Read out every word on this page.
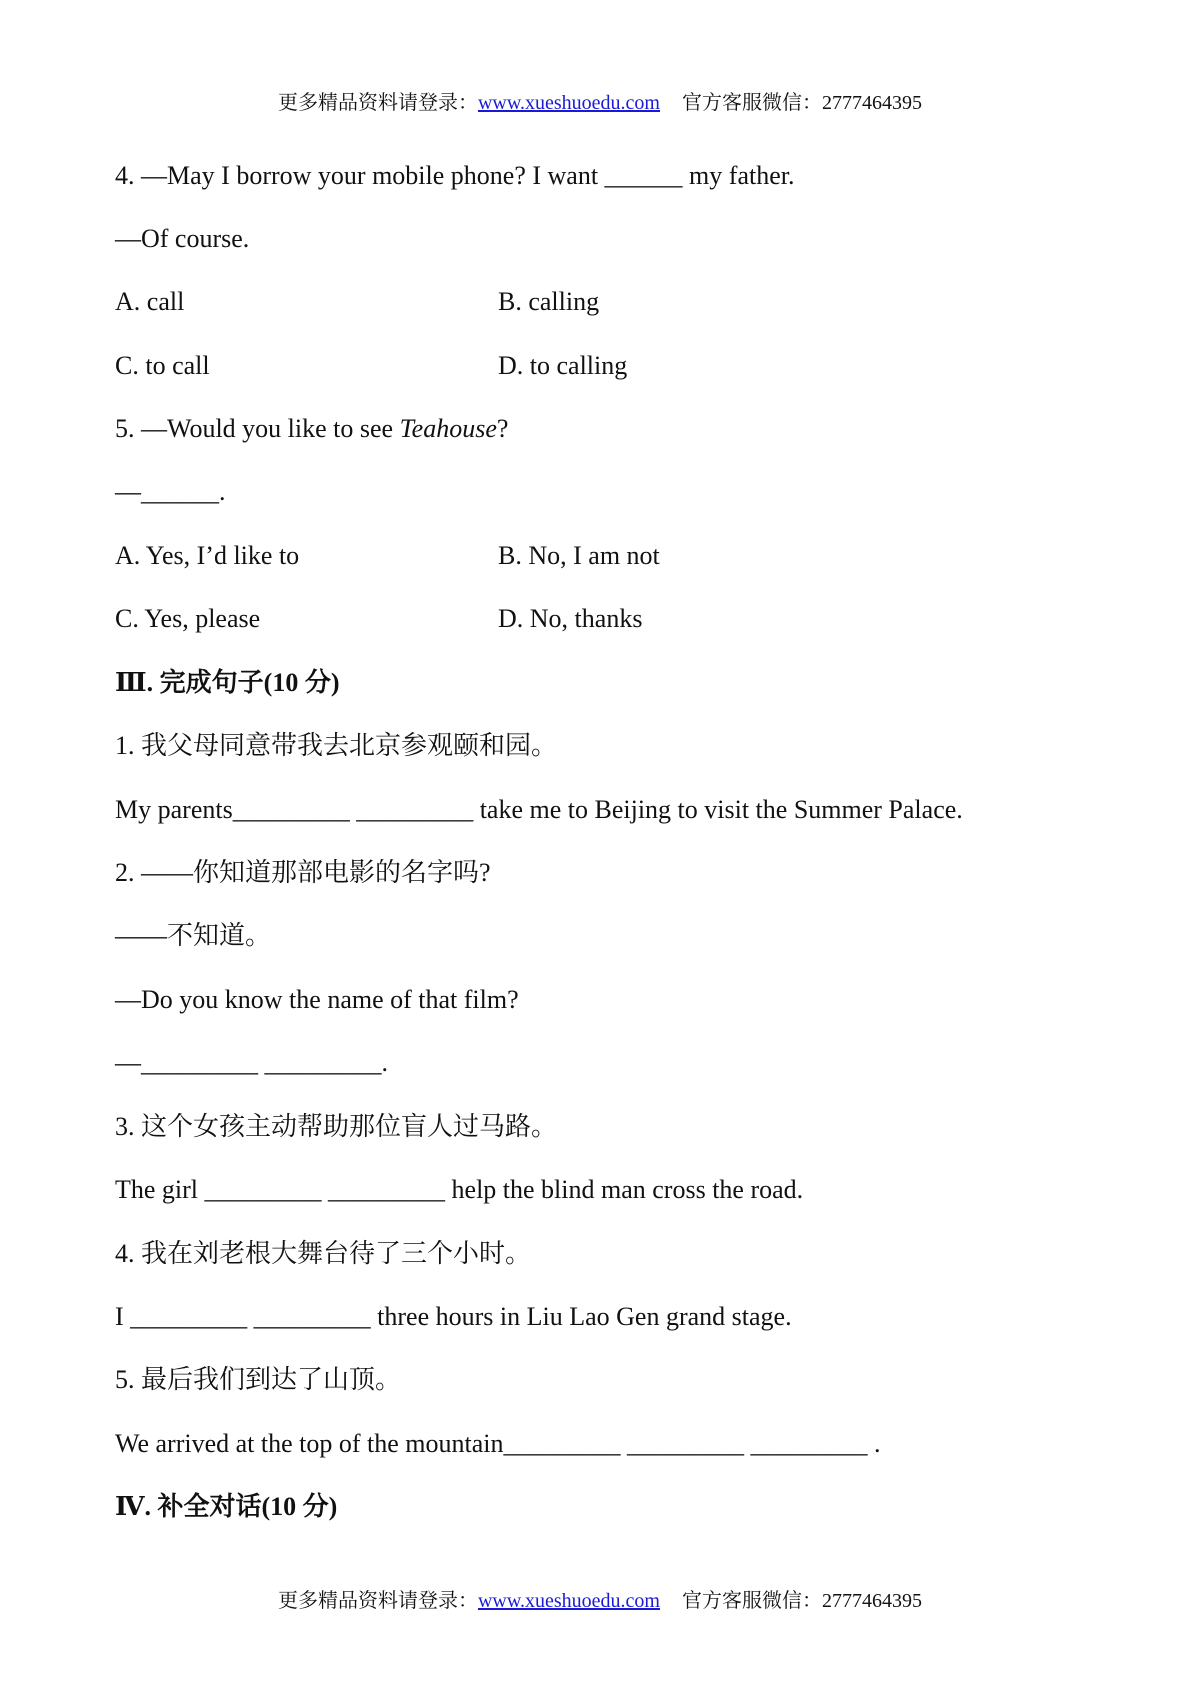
更多精品资料请登录：www.xueshuoedu.com 官方客服微信：2777464395
4. —May I borrow your mobile phone? I want ______ my father.
—Of course.
A. call	B. calling
C. to call	D. to calling
5. —Would you like to see Teahouse?
—______.
A. Yes, I’d like to	B. No, I am not
C. Yes, please	D. No, thanks
Ⅲ. 完成句子(10 分)
1. 我父母同意带我去北京参观颐和园。
My parents_________ _________ take me to Beijing to visit the Summer Palace.
2. ——你知道那部电影的名字吗?
——不知道。
—Do you know the name of that film?
—_________ _________.
3. 这个女孩主动帮助那位盲人过马路。
The girl _________ _________ help the blind man cross the road.
4. 我在刘老根大舞台待了三个小时。
I _________ _________ three hours in Liu Lao Gen grand stage.
5. 最后我们到达了山顶。
We arrived at the top of the mountain_________ _________ _________ .
Ⅳ. 补全对话(10 分)
更多精品资料请登录：www.xueshuoedu.com 官方客服微信：2777464395
